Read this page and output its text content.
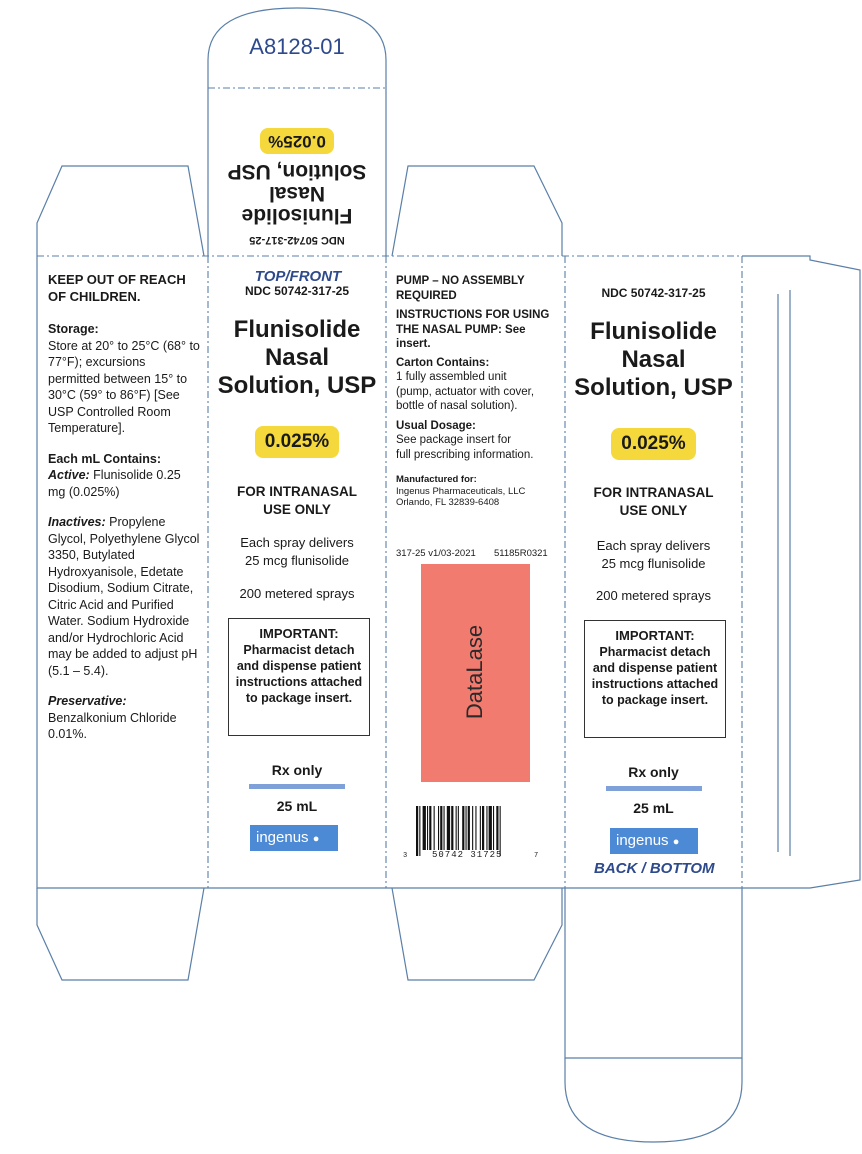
A8128-01
NDC 50742-317-25
Flunisolide
Nasal
Solution, USP
0.025%
KEEP OUT OF REACH OF CHILDREN.
Storage:
Store at 20° to 25°C (68° to 77°F); excursions permitted between 15° to 30°C (59° to 86°F) [See USP Controlled Room Temperature].
Each mL Contains:
Active: Flunisolide 0.25 mg (0.025%)
Inactives: Propylene Glycol, Polyethylene Glycol 3350, Butylated Hydroxyanisole, Edetate Disodium, Sodium Citrate, Citric Acid and Purified Water. Sodium Hydroxide and/or Hydrochloric Acid may be added to adjust pH (5.1 – 5.4).
Preservative:
Benzalkonium Chloride 0.01%.
TOP/FRONT
NDC 50742-317-25
Flunisolide
Nasal
Solution, USP
0.025%
FOR INTRANASAL
USE ONLY
Each spray delivers
25 mcg flunisolide
200 metered sprays
IMPORTANT:
Pharmacist detach
and dispense patient
instructions attached
to package insert.
Rx only
25 mL
ingenus ●
PUMP – NO ASSEMBLY
REQUIRED
INSTRUCTIONS FOR USING
THE NASAL PUMP: See insert.
Carton Contains:
1 fully assembled unit
(pump, actuator with cover,
bottle of nasal solution).
Usual Dosage:
See package insert for
full prescribing information.
Manufactured for:
Ingenus Pharmaceuticals, LLC
Orlando, FL 32839-6408
317-25 v1/03-2021 51185R0321
DataLase
3	50742 31725	7
NDC 50742-317-25
Flunisolide
Nasal
Solution, USP
0.025%
FOR INTRANASAL
USE ONLY
Each spray delivers
25 mcg flunisolide
200 metered sprays
IMPORTANT:
Pharmacist detach
and dispense patient
instructions attached
to package insert.
Rx only
25 mL
ingenus ●
BACK / BOTTOM
